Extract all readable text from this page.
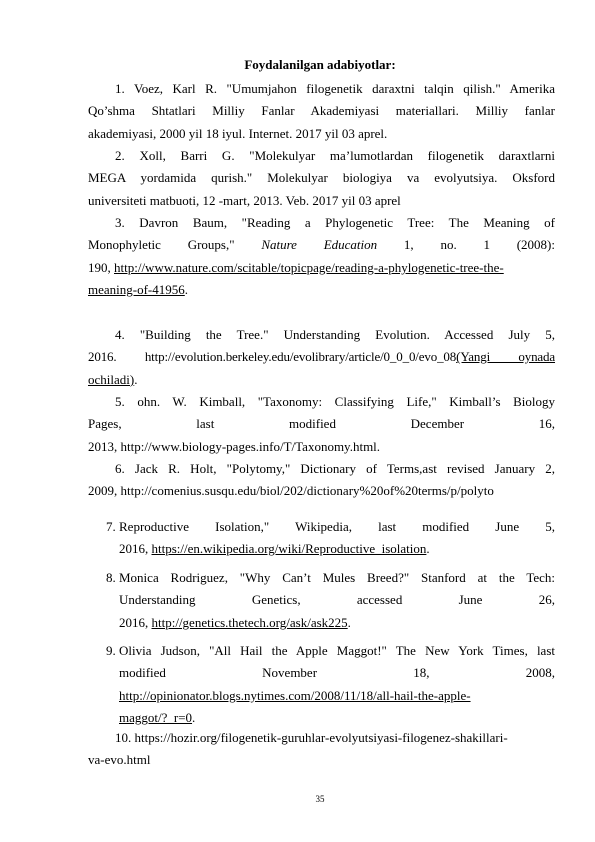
Foydalanilgan adabiyotlar:
1. Voez, Karl R. "Umumjahon filogenetik daraxtni talqin qilish." Amerika
Qo’shma Shtatlari Milliy Fanlar Akademiyasi materiallari. Milliy fanlar
akademiyasi, 2000 yil 18 iyul. Internet. 2017 yil 03 aprel.
2. Xoll, Barri G. "Molekulyar ma’lumotlardan filogenetik daraxtlarni
MEGA yordamida qurish." Molekulyar biologiya va evolyutsiya. Oksford
universiteti matbuoti, 12 -mart, 2013. Veb. 2017 yil 03 aprel
3. Davron Baum, "Reading a Phylogenetic Tree: The Meaning of
Monophyletic Groups," Nature Education 1, no. 1 (2008):
190, http://www.nature.com/scitable/topicpage/reading-a-phylogenetic-tree-the-
meaning-of-41956.
4. "Building the Tree." Understanding Evolution. Accessed July 5,
2016. http://evolution.berkeley.edu/evolibrary/article/0_0_0/evo_08(Yangi oynada
ochiladi).
5. ohn. W. Kimball, "Taxonomy: Classifying Life," Kimball’s Biology
Pages, last modified December 16,
2013, http://www.biology-pages.info/T/Taxonomy.html.
6. Jack R. Holt, "Polytomy," Dictionary of Terms,ast revised January 2,
2009, http://comenius.susqu.edu/biol/202/dictionary%20of%20terms/p/polyto
7. Reproductive Isolation," Wikipedia, last modified June 5,
2016, https://en.wikipedia.org/wiki/Reproductive_isolation.
8. Monica Rodriguez, "Why Can’t Mules Breed?" Stanford at the Tech:
Understanding Genetics, accessed June 26,
2016, http://genetics.thetech.org/ask/ask225.
9. Olivia Judson, "All Hail the Apple Maggot!" The New York Times, last
modified November 18, 2008,
http://opinionator.blogs.nytimes.com/2008/11/18/all-hail-the-apple-
maggot/?_r=0.
10. https://hozir.org/filogenetik-guruhlar-evolyutsiyasi-filogenez-shakillari-
va-evo.html
35
